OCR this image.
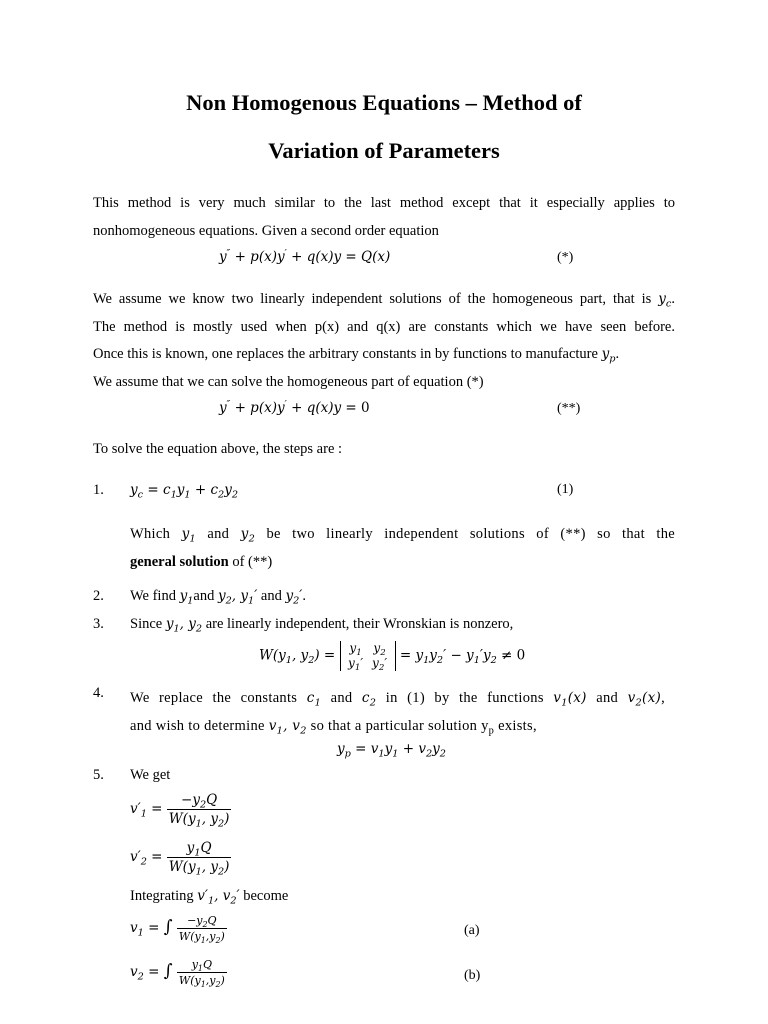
Non Homogenous Equations – Method of
Variation of Parameters
This method is very much similar to the last method except that it especially applies to
nonhomogeneous equations. Given a second order equation
y″ + p(x)y′ + q(x)y = Q(x)	(*)
We assume we know two linearly independent solutions of the homogeneous part, that is $y_c$.
The method is mostly used when p(x) and q(x) are constants which we have seen before.
Once this is known, one replaces the arbitrary constants in by functions to manufacture $y_p$.
We assume that we can solve the homogeneous part of equation (*)
y″ + p(x)y′ + q(x)y = 0	(**)
To solve the equation above, the steps are :
1. $y_c = c_1y_1 + c_2y_2$	(1)
Which $y_1$ and $y_2$ be two linearly independent solutions of (**) so that the
general solution of (**)
2. We find $y_1and$ $y_2$, $y_1'$ and $y_2'$.
3. Since $y_1$, $y_2$ are linearly independent, their Wronskian is nonzero,
$W(y_1$, $y_2) = y_1$ $y_2$
$y_1'$ $y_2' = y_1y_2' - y_1'y_2 \ne 0$
4. We replace the constants $c_1$ and $c_2$ in (1) by the functions $v_1(x)$ and $v_2(x)$,
and wish to determine $v_1$, $v_2$ so that a particular solution $y_p$ exists,
$y_p = v_1y_1 + v_2y_2$
5. We get
$v'_1 = \frac{-y_2Q}{W(y_1, y_2)}$
$v'_2 = \frac{y_1Q}{W(y_1, y_2)}$
Integrating $v'_1$, $v_2'$ become
$v_1$ = ∫ $\frac{-y_2Q}{W(y_1,y_2)}$	(a)
$v_2$ = ∫ $\frac{y_1Q}{W(y_1,y_2)}$	(b)
